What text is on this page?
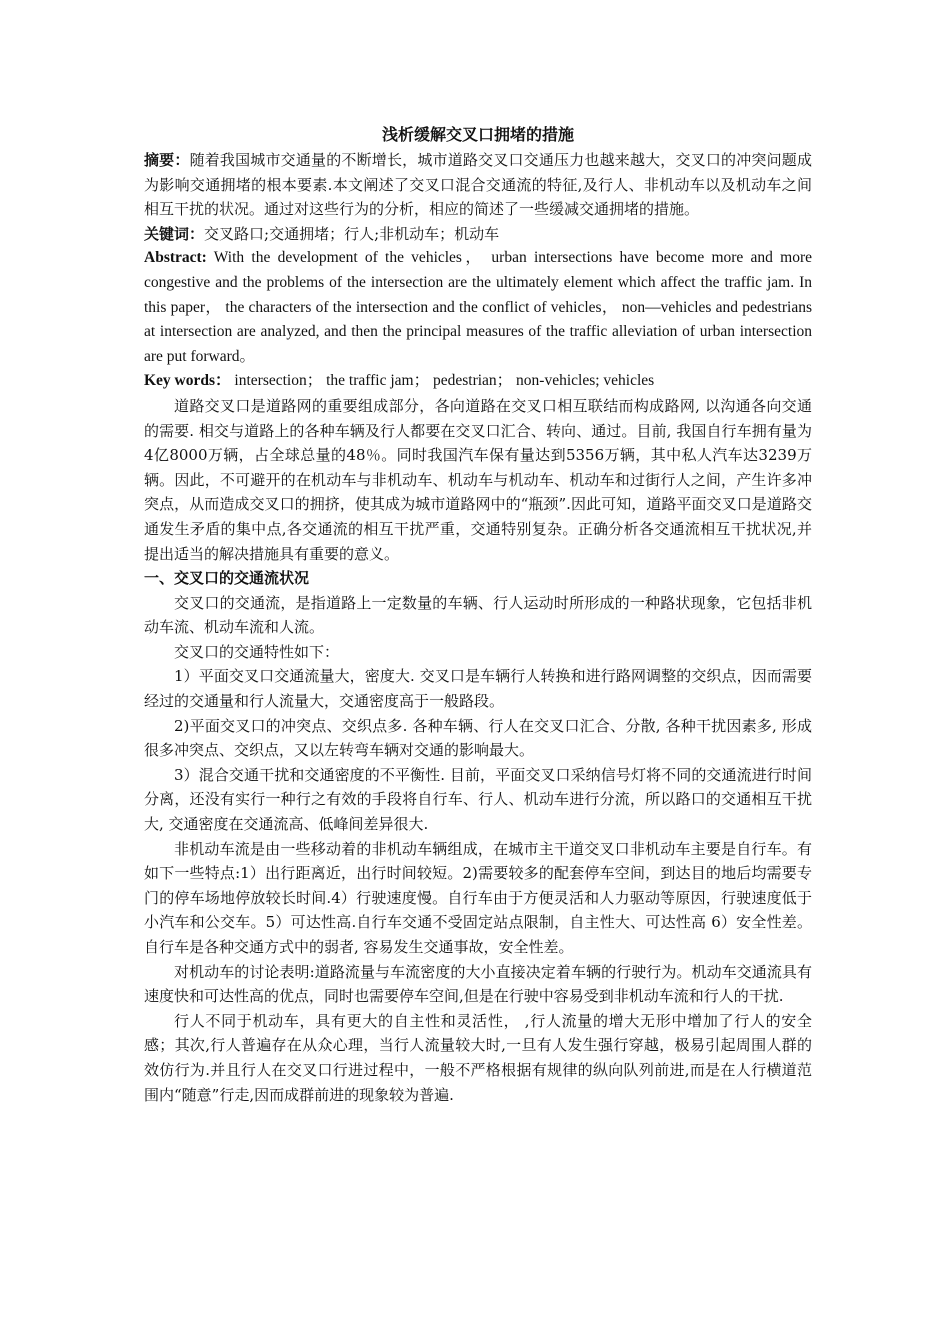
浅析缓解交叉口拥堵的措施

摘要：随着我国城市交通量的不断增长，城市道路交叉口交通压力也越来越大，交叉口的冲突问题成为影响交通拥堵的根本要素.本文阐述了交叉口混合交通流的特征,及行人、非机动车以及机动车之间相互干扰的状况。通过对这些行为的分析，相应的简述了一些缓减交通拥堵的措施。

关键词：交叉路口;交通拥堵；行人;非机动车；机动车

Abstract: With the development of the vehicles， urban intersections have become more and more congestive and the problems of the intersection are the ultimately element which affect the traffic jam. In this paper， the characters of the intersection and the conflict of vehicles， non—vehicles and pedestrians at intersection are analyzed, and then the principal measures of the traffic alleviation of urban intersection are put forward。

Key words： intersection； the traffic jam； pedestrian； non-vehicles; vehicles

道路交叉口是道路网的重要组成部分，各向道路在交叉口相互联结而构成路网, 以沟通各向交通的需要. 相交与道路上的各种车辆及行人都要在交叉口汇合、转向、通过。目前, 我国自行车拥有量为4亿8000万辆，占全球总量的48％。同时我国汽车保有量达到5356万辆，其中私人汽车达3239万辆。因此，不可避开的在机动车与非机动车、机动车与机动车、机动车和过街行人之间，产生许多冲突点，从而造成交叉口的拥挤，使其成为城市道路网中的“瓶颈”.因此可知，道路平面交叉口是道路交通发生矛盾的集中点,各交通流的相互干扰严重，交通特别复杂。正确分析各交通流相互干扰状况,并提出适当的解决措施具有重要的意义。

一、交叉口的交通流状况

交叉口的交通流，是指道路上一定数量的车辆、行人运动时所形成的一种路状现象，它包括非机动车流、机动车流和人流。

交叉口的交通特性如下：

1）平面交叉口交通流量大，密度大. 交叉口是车辆行人转换和进行路网调整的交织点，因而需要经过的交通量和行人流量大，交通密度高于一般路段。

2)平面交叉口的冲突点、交织点多. 各种车辆、行人在交叉口汇合、分散, 各种干扰因素多, 形成很多冲突点、交织点，又以左转弯车辆对交通的影响最大。

3）混合交通干扰和交通密度的不平衡性. 目前，平面交叉口采纳信号灯将不同的交通流进行时间分离，还没有实行一种行之有效的手段将自行车、行人、机动车进行分流，所以路口的交通相互干扰大, 交通密度在交通流高、低峰间差异很大.

非机动车流是由一些移动着的非机动车辆组成，在城市主干道交叉口非机动车主要是自行车。有如下一些特点:1）出行距离近，出行时间较短。2)需要较多的配套停车空间，到达目的地后均需要专门的停车场地停放较长时间.4）行驶速度慢。自行车由于方便灵活和人力驱动等原因，行驶速度低于小汽车和公交车。5）可达性高.自行车交通不受固定站点限制，自主性大、可达性高 6）安全性差。自行车是各种交通方式中的弱者, 容易发生交通事故，安全性差。

对机动车的讨论表明:道路流量与车流密度的大小直接决定着车辆的行驶行为。机动车交通流具有速度快和可达性高的优点，同时也需要停车空间,但是在行驶中容易受到非机动车流和行人的干扰.

行人不同于机动车，具有更大的自主性和灵活性， ,行人流量的增大无形中增加了行人的安全感；其次,行人普遍存在从众心理，当行人流量较大时,一旦有人发生强行穿越，极易引起周围人群的效仿行为.并且行人在交叉口行进过程中，一般不严格根据有规律的纵向队列前进,而是在人行横道范围内“随意”行走,因而成群前进的现象较为普遍.
